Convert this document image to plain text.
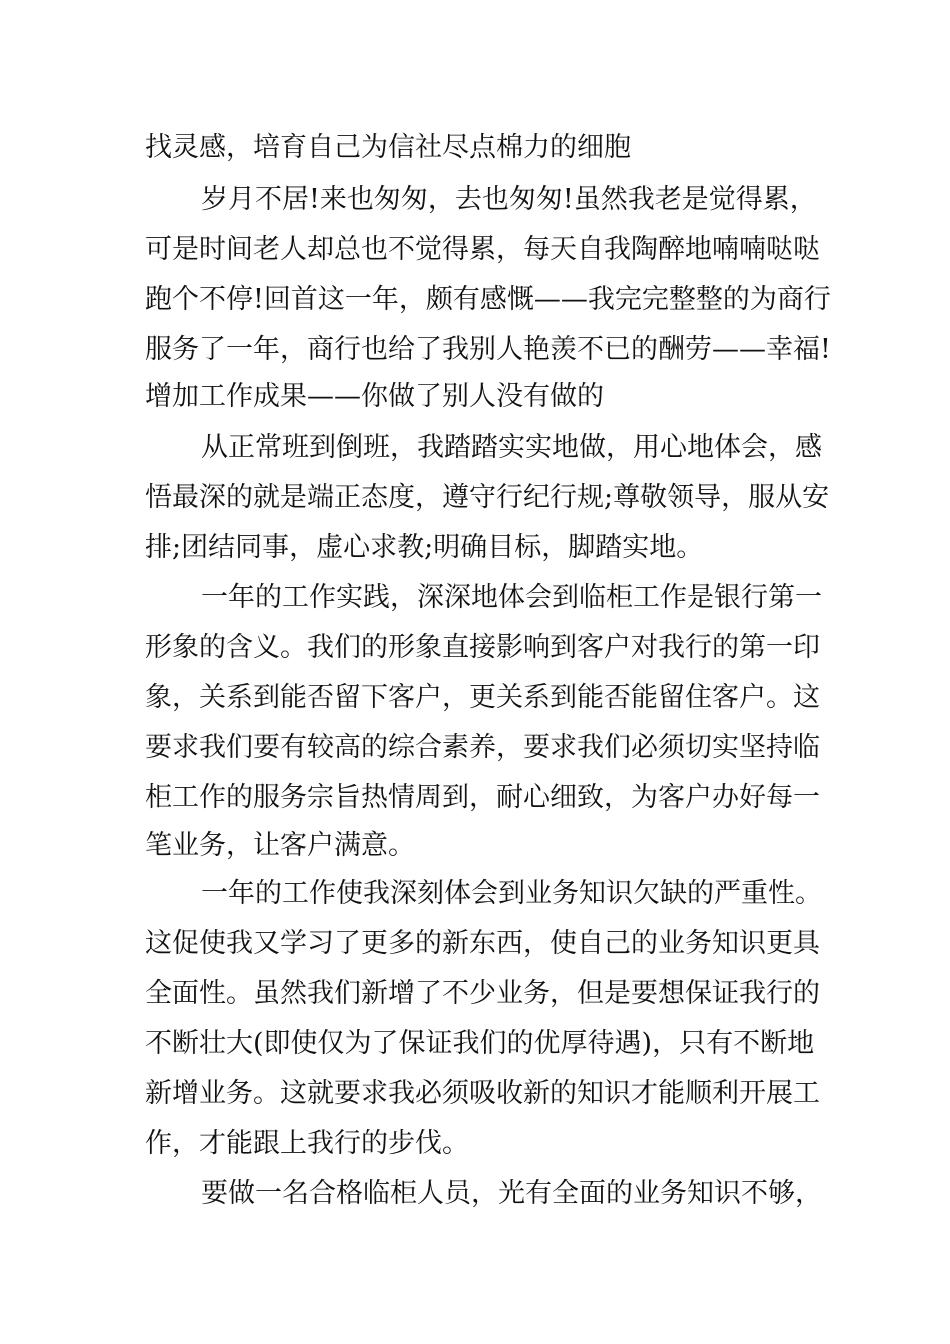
找灵感，培育自己为信社尽点棉力的细胞

岁月不居!来也匆匆，去也匆匆!虽然我老是觉得累，

可是时间老人却总也不觉得累，每天自我陶醉地喃喃哒哒

跑个不停!回首这一年，颇有感慨——我完完整整的为商行

服务了一年，商行也给了我别人艳羡不已的酬劳——幸福!

增加工作成果——你做了别人没有做的

从正常班到倒班，我踏踏实实地做，用心地体会，感

悟最深的就是端正态度，遵守行纪行规;尊敬领导，服从安

排;团结同事，虚心求教;明确目标，脚踏实地。

一年的工作实践，深深地体会到临柜工作是银行第一

形象的含义。我们的形象直接影响到客户对我行的第一印

象，关系到能否留下客户，更关系到能否能留住客户。这

要求我们要有较高的综合素养，要求我们必须切实坚持临

柜工作的服务宗旨热情周到，耐心细致，为客户办好每一

笔业务，让客户满意。

一年的工作使我深刻体会到业务知识欠缺的严重性。

这促使我又学习了更多的新东西，使自己的业务知识更具

全面性。虽然我们新增了不少业务，但是要想保证我行的

不断壮大(即使仅为了保证我们的优厚待遇)，只有不断地

新增业务。这就要求我必须吸收新的知识才能顺利开展工

作，才能跟上我行的步伐。

要做一名合格临柜人员，光有全面的业务知识不够，
